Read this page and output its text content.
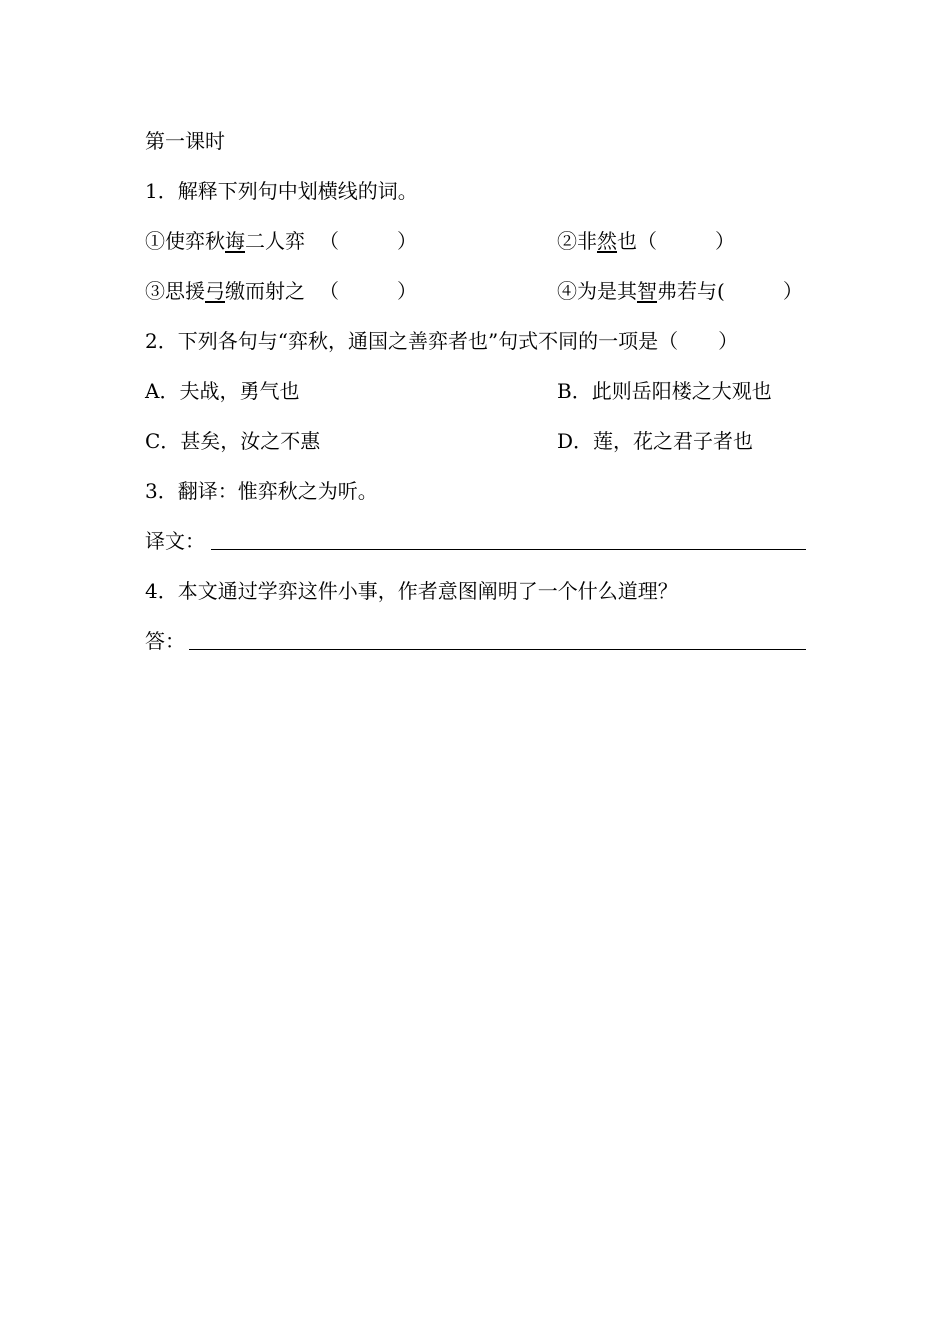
第一课时
1．解释下列句中划横线的词。
①使弈秋诲二人弈 （	）	②非然也（	）
③思援弓缴而射之 （	）	④为是其智弗若与(	）
2．下列各句与“弈秋，通国之善弈者也”句式不同的一项是（　　）
A．夫战，勇气也	B．此则岳阳楼之大观也
C．甚矣，汝之不惠	D．莲，花之君子者也
3．翻译：惟弈秋之为听。
译文：
4．本文通过学弈这件小事，作者意图阐明了一个什么道理？
答：
